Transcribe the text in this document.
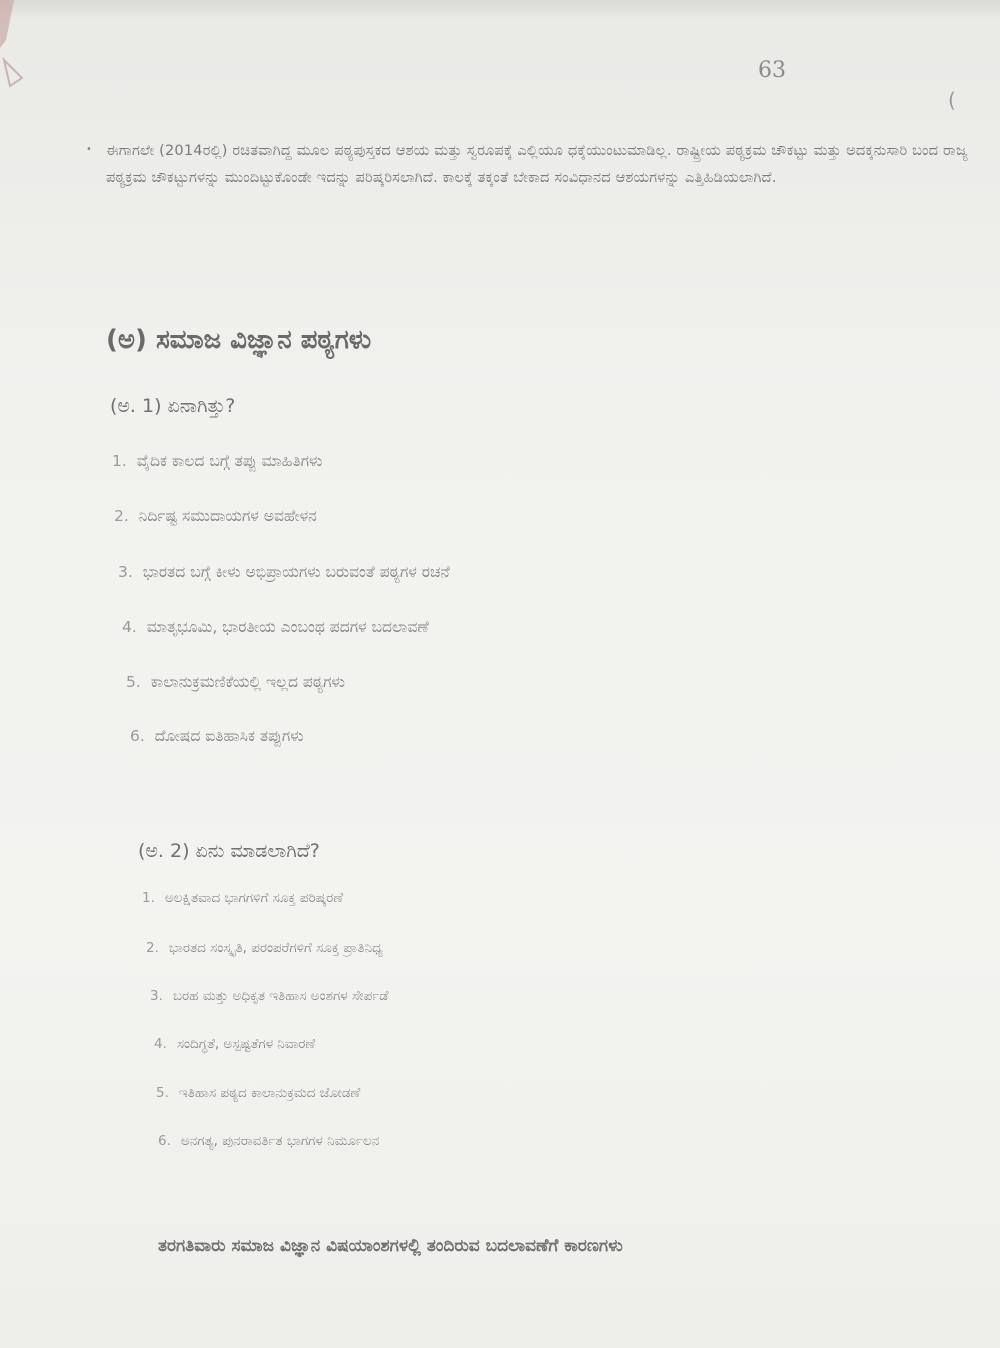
63
(
• ಈಗಾಗಲೇ (2014ರಲ್ಲಿ) ರಚಿತವಾಗಿದ್ದ ಮೂಲ ಪಠ್ಯಪುಸ್ತಕದ ಆಶಯ ಮತ್ತು ಸ್ವರೂಪಕ್ಕೆ ಎಲ್ಲಿಯೂ ಧಕ್ಕೆಯುಂಟುಮಾಡಿಲ್ಲ. ರಾಷ್ಟ್ರೀಯ ಪಠ್ಯಕ್ರಮ ಚೌಕಟ್ಟು ಮತ್ತು ಅದಕ್ಕನುಸಾರಿ ಬಂದ ರಾಜ್ಯ ಪಠ್ಯಕ್ರಮ ಚೌಕಟ್ಟುಗಳನ್ನು ಮುಂದಿಟ್ಟುಕೊಂಡೇ ಇದನ್ನು ಪರಿಷ್ಕರಿಸಲಾಗಿದೆ. ಕಾಲಕ್ಕೆ ತಕ್ಕಂತೆ ಬೇಕಾದ ಸಂವಿಧಾನದ ಆಶಯಗಳನ್ನು ಎತ್ತಿಹಿಡಿಯಲಾಗಿದೆ.
(ಅ) ಸಮಾಜ ವಿಜ್ಞಾನ ಪಠ್ಯಗಳು
(ಅ. 1) ಏನಾಗಿತ್ತು?
1. ವೈದಿಕ ಕಾಲದ ಬಗ್ಗೆ ತಪ್ಪು ಮಾಹಿತಿಗಳು
2. ನಿರ್ದಿಷ್ಟ ಸಮುದಾಯಗಳ ಅವಹೇಳನ
3. ಭಾರತದ ಬಗ್ಗೆ ಕೀಳು ಅಭಿಪ್ರಾಯಗಳು ಬರುವಂತೆ ಪಠ್ಯಗಳ ರಚನೆ
4. ಮಾತೃಭೂಮಿ, ಭಾರತೀಯ ಎಂಬಂಥ ಪದಗಳ ಬದಲಾವಣೆ
5. ಕಾಲಾನುಕ್ರಮಣಿಕೆಯಲ್ಲಿ ಇಲ್ಲದ ಪಠ್ಯಗಳು
6. ದೋಷದ ಐತಿಹಾಸಿಕ ತಪ್ಪುಗಳು
(ಅ. 2) ಏನು ಮಾಡಲಾಗಿದೆ?
1. ಅಲಕ್ಷಿತವಾದ ಭಾಗಗಳಿಗೆ ಸೂಕ್ತ ಪರಿಷ್ಕರಣೆ
2. ಭಾರತದ ಸಂಸ್ಕೃತಿ, ಪರಂಪರೆಗಳಿಗೆ ಸೂಕ್ತ ಪ್ರಾತಿನಿಧ್ಯ
3. ಬರಹ ಮತ್ತು ಅಧಿಕೃತ ಇತಿಹಾಸ ಅಂಶಗಳ ಸೇರ್ಪಡೆ
4. ಸಂದಿಗ್ಧತೆ, ಅಸ್ಪಷ್ಟತೆಗಳ ನಿವಾರಣೆ
5. ಇತಿಹಾಸ ಪಠ್ಯದ ಕಾಲಾನುಕ್ರಮದ ಜೋಡಣೆ
6. ಅನಗತ್ಯ, ಪುನರಾವರ್ತಿತ ಭಾಗಗಳ ನಿರ್ಮೂಲನ
ತರಗತಿವಾರು ಸಮಾಜ ವಿಜ್ಞಾನ ವಿಷಯಾಂಶಗಳಲ್ಲಿ ತಂದಿರುವ ಬದಲಾವಣೆಗೆ ಕಾರಣಗಳು
